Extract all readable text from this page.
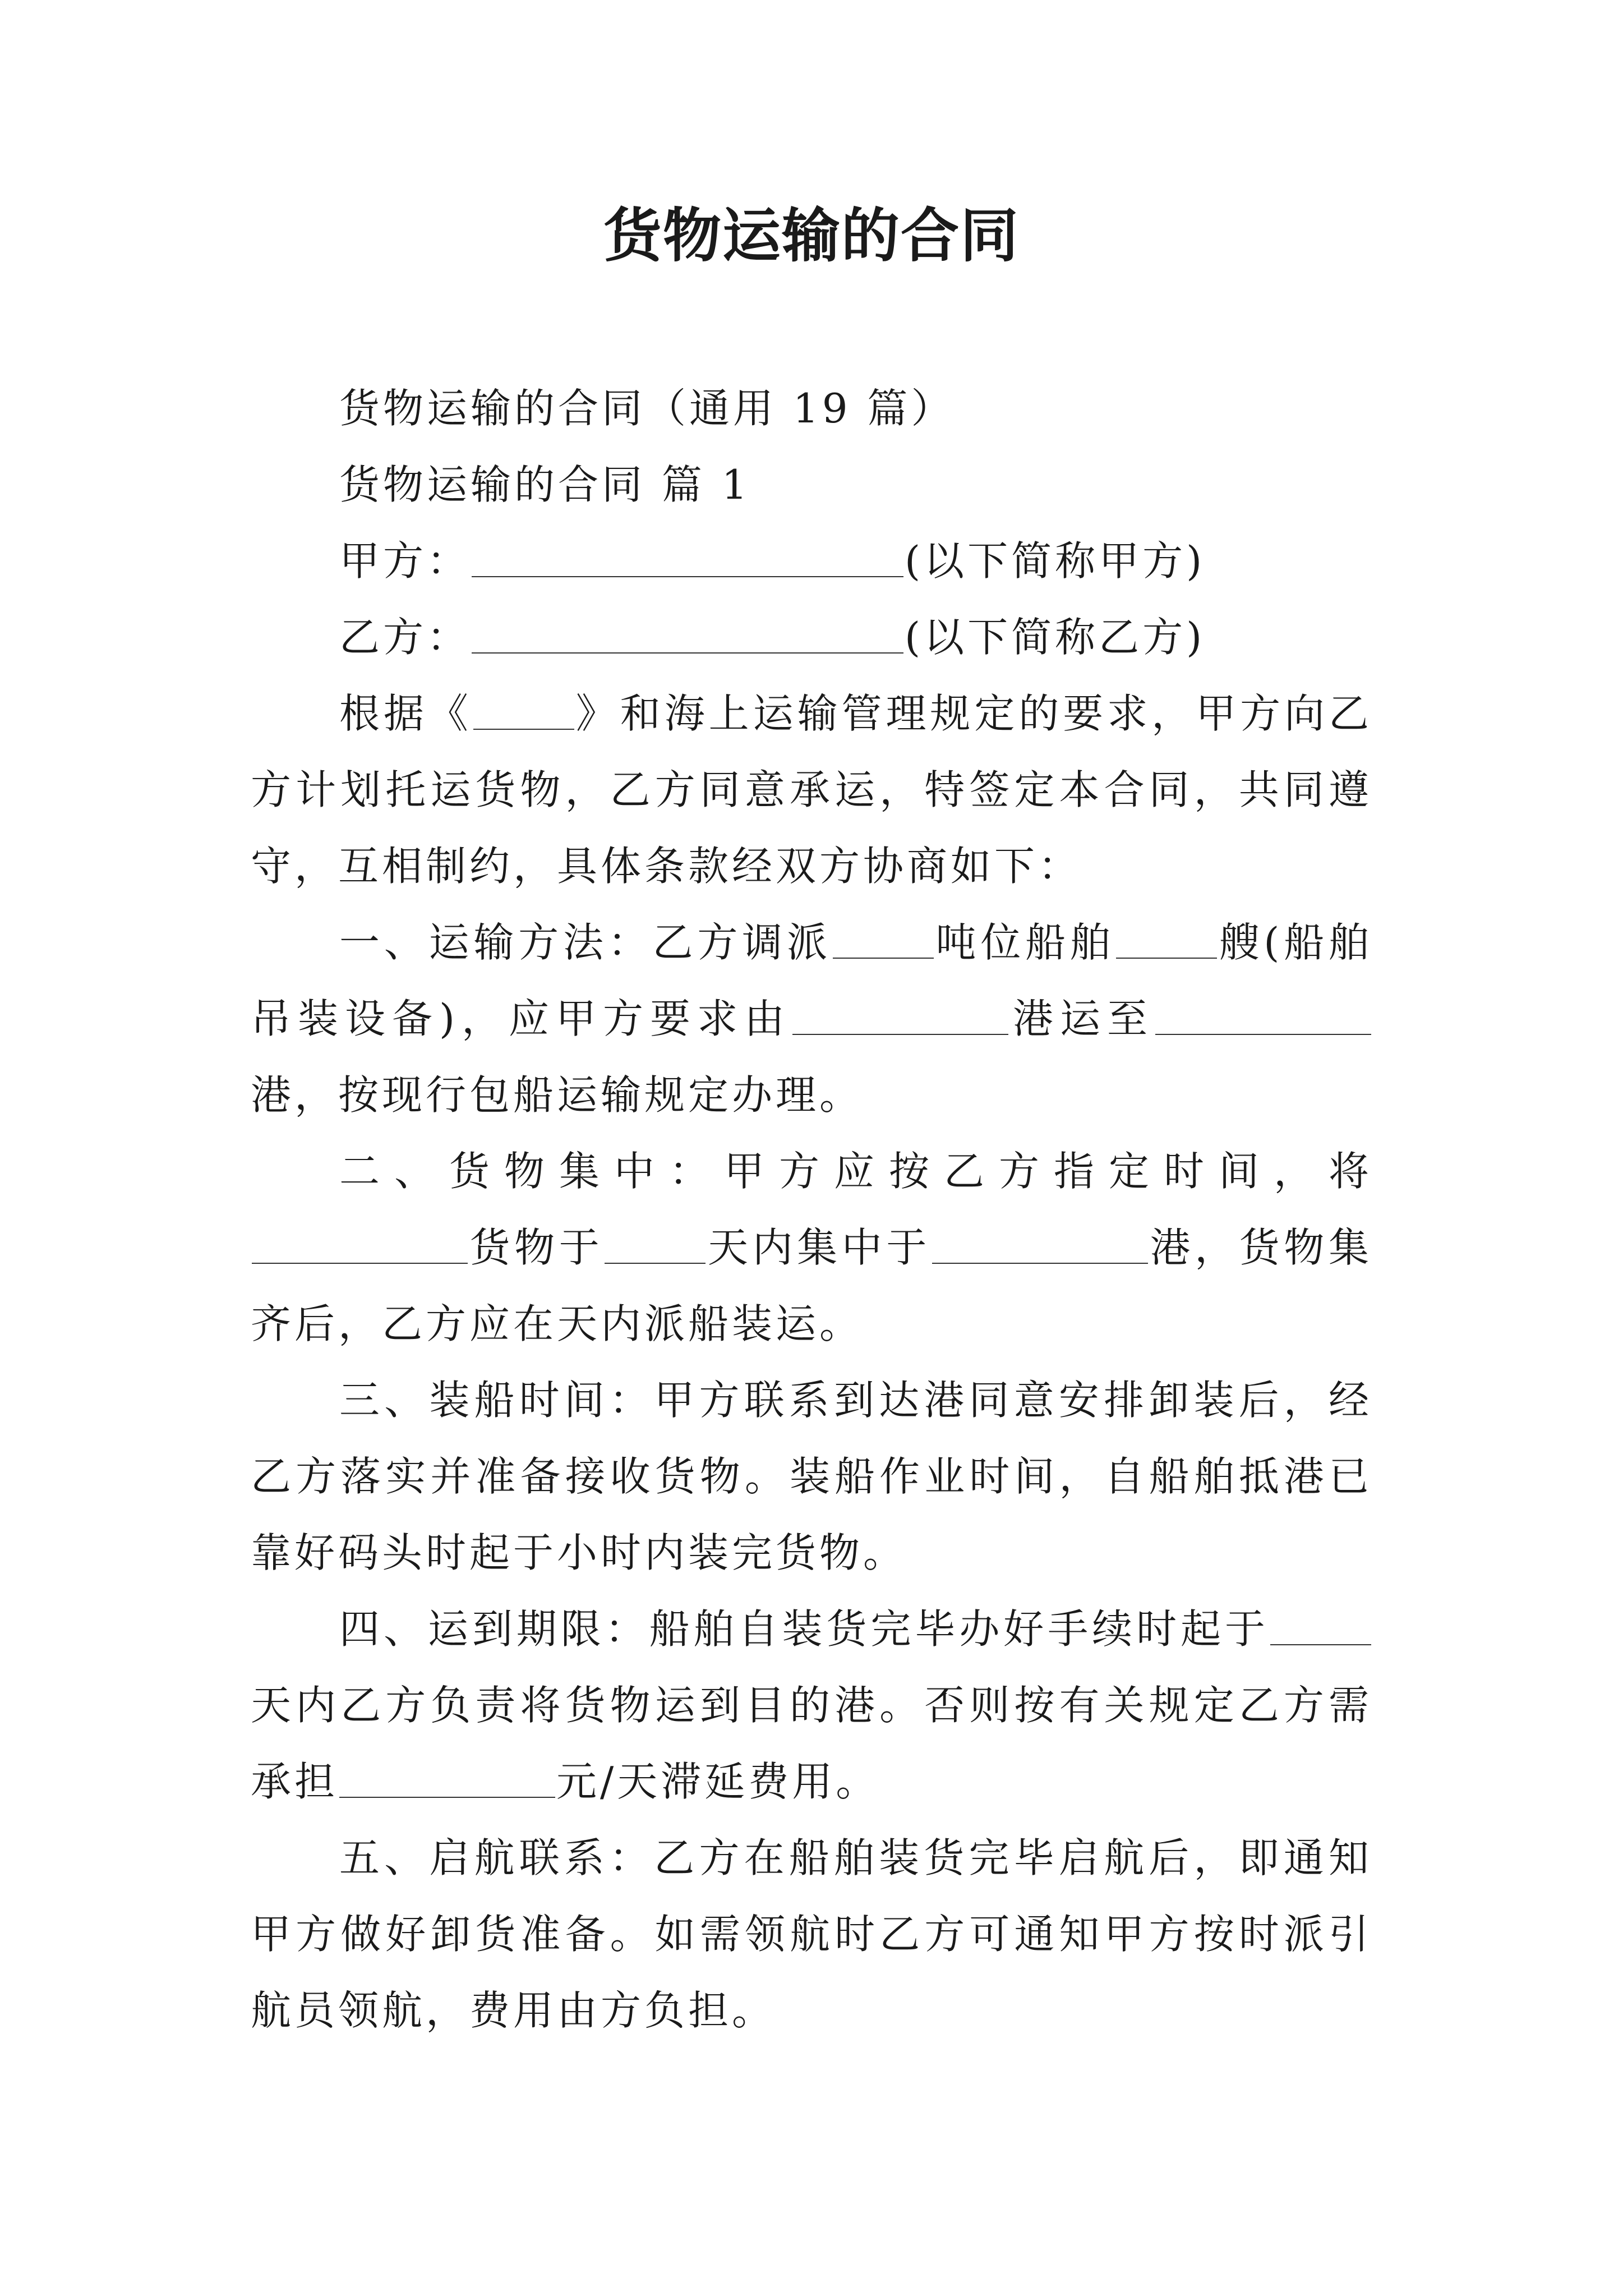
货物运输的合同

货物运输的合同（通用 19 篇）

货物运输的合同 篇 1

甲方：	(以下简称甲方)

乙方：	(以下简称乙方)

根据《	》和海上运输管理规定的要求，甲方向乙方计划托运货物，乙方同意承运，特签定本合同，共同遵守，互相制约，具体条款经双方协商如下：

一、运输方法：乙方调派	吨位船舶	艘(船舶吊装设备)，应甲方要求由	港运至港，按现行包船运输规定办理。

二、货物集中：甲方应按乙方指定时间，将货物于	天内集中于	港，货物集齐后，乙方应在天内派船装运。

三、装船时间：甲方联系到达港同意安排卸装后，经乙方落实并准备接收货物。装船作业时间，自船舶抵港已靠好码头时起于小时内装完货物。

四、运到期限：船舶自装货完毕办好手续时起于天内乙方负责将货物运到目的港。否则按有关规定乙方需承担	元/天滞延费用。

五、启航联系：乙方在船舶装货完毕启航后，即通知甲方做好卸货准备。如需领航时乙方可通知甲方按时派引航员领航，费用由方负担。
